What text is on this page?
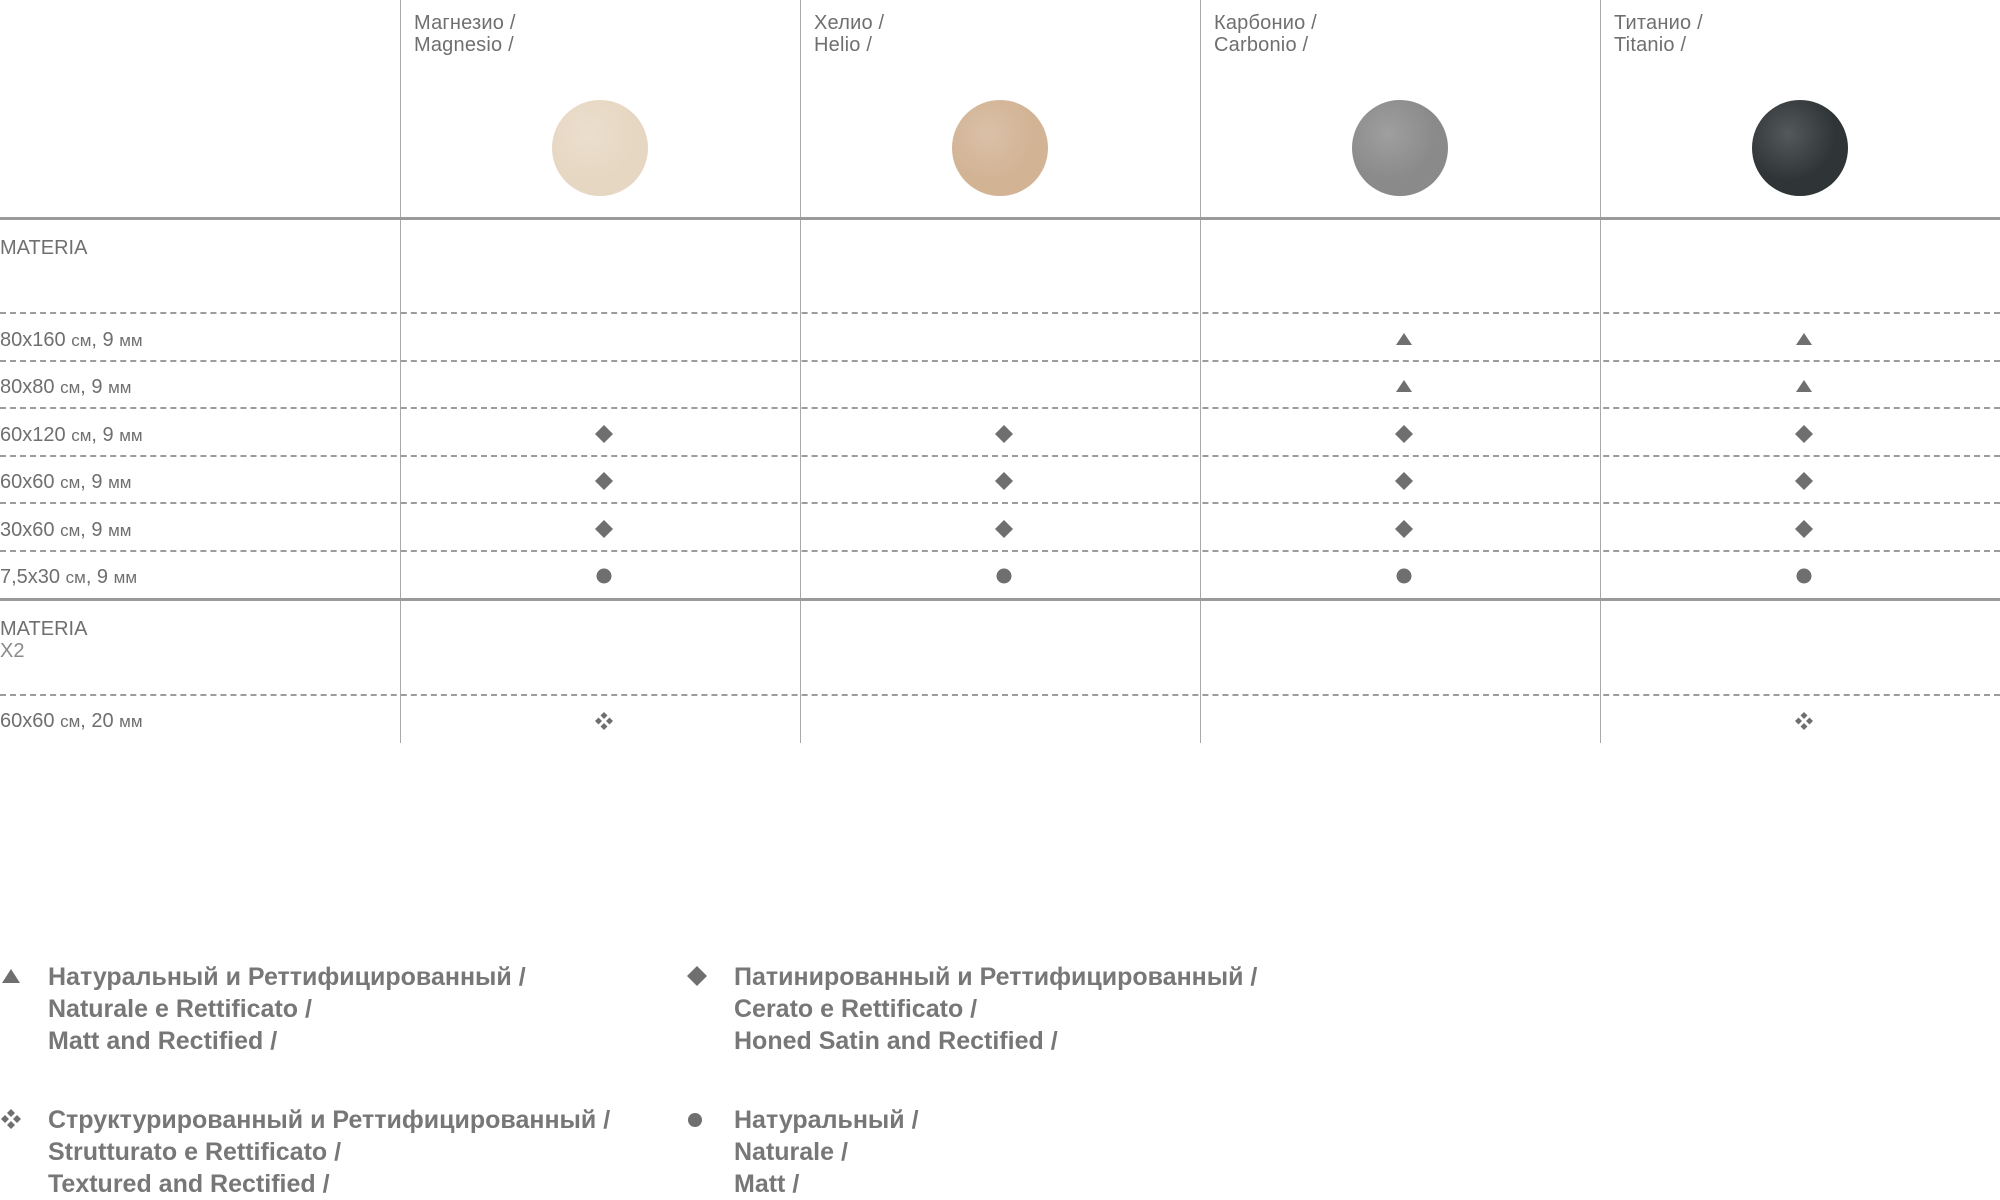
Магнезио /
Magnesio /
Хелио /
Helio /
Карбонио /
Carbonio /
Титанио /
Titanio /
MATERIA
MATERIA
X2
80x160 см, 9 мм
80x80 см, 9 мм
60x120 см, 9 мм
60x60 см, 9 мм
30x60 см, 9 мм
7,5x30 см, 9 мм
60x60 см, 20 мм
Натуральный и Реттифицированный /
Naturale e Rettificato /
Matt and Rectified /
Патинированный и Реттифицированный /
Cerato e Rettificato /
Honed Satin and Rectified /
Структурированный и Реттифицированный /
Strutturato e Rettificato /
Textured and Rectified /
Натуральный /
Naturale /
Matt /
